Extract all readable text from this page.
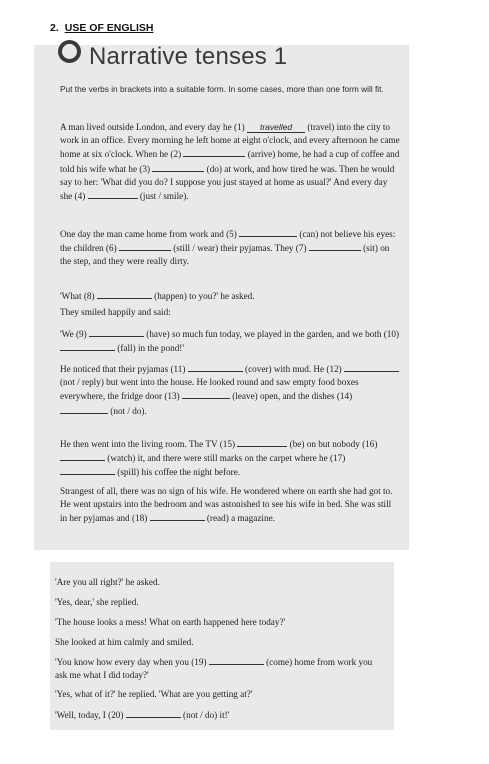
2. USE OF ENGLISH
Narrative tenses 1
Put the verbs in brackets into a suitable form. In some cases, more than one form will fit.
A man lived outside London, and every day he (1) travelled (travel) into the city to work in an office. Every morning he left home at eight o'clock, and every afternoon he came home at six o'clock. When he (2)	(arrive) home, he had a cup of coffee and told his wife what he (3)	(do) at work, and how tired he was. Then he would say to her: 'What did you do? I suppose you just stayed at home as usual?' And every day she (4)	(just / smile).
One day the man came home from work and (5)	(can) not believe his eyes: the children (6)	(still / wear) their pyjamas. They (7)	(sit) on the step, and they were really dirty.
'What (8)	(happen) to you?' he asked.
They smiled happily and said:
'We (9)	(have) so much fun today, we played in the garden, and we both (10)  (fall) in the pond!'
He noticed that their pyjamas (11)	(cover) with mud. He (12)  (not / reply) but went into the house. He looked round and saw empty food boxes everywhere, the fridge door (13)	(leave) open, and the dishes (14)  (not / do).
He then went into the living room. The TV (15)	(be) on but nobody (16)  (watch) it, and there were still marks on the carpet where he (17)  (spill) his coffee the night before.
Strangest of all, there was no sign of his wife. He wondered where on earth she had got to. He went upstairs into the bedroom and was astonished to see his wife in bed. She was still in her pyjamas and (18)	(read) a magazine.
'Are you all right?' he asked.
'Yes, dear,' she replied.
'The house looks a mess! What on earth happened here today?'
She looked at him calmly and smiled.
'You know how every day when you (19)	(come) home from work you ask me what I did today?'
'Yes, what of it?' he replied. 'What are you getting at?'
'Well, today, I (20)	(not / do) it!'
